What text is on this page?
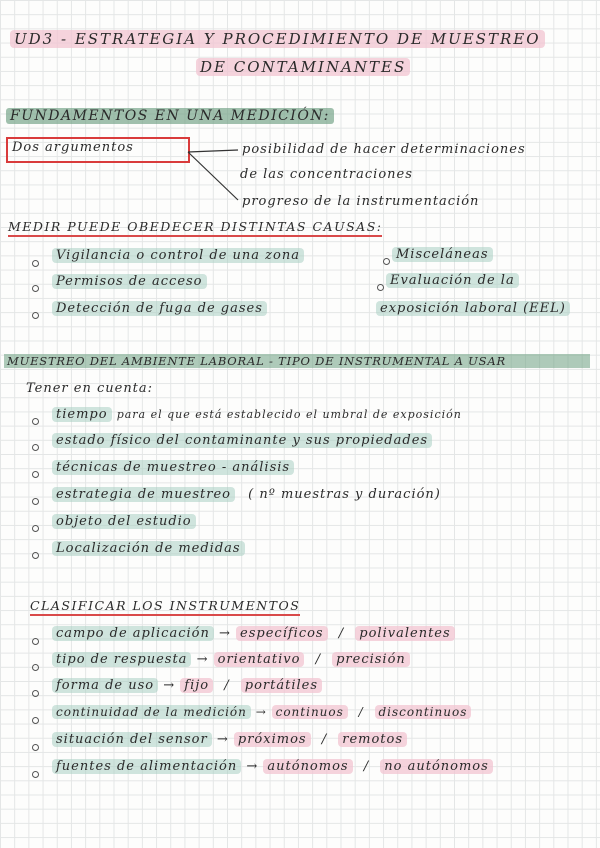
UD3 - ESTRATEGIA Y PROCEDIMIENTO DE MUESTREO
DE CONTAMINANTES
FUNDAMENTOS EN UNA MEDICIÓN:
Dos argumentos	posibilidad de hacer determinaciones
de las concentraciones
progreso de la instrumentación
MEDIR PUEDE OBEDECER DISTINTAS CAUSAS:
Vigilancia o control de una zona
Permisos de acceso
Detección de fuga de gases
Misceláneas
Evaluación de la
exposición laboral (EEL)
MUESTREO DEL AMBIENTE LABORAL - TIPO DE INSTRUMENTAL A USAR
Tener en cuenta:
tiempo para el que está establecido el umbral de exposición
estado físico del contaminante y sus propiedades
técnicas de muestreo - análisis
estrategia de muestreo ( nº muestras y duración)
objeto del estudio
Localización de medidas
CLASIFICAR LOS INSTRUMENTOS
campo de aplicación → específicos / polivalentes
tipo de respuesta → orientativo / precisión
forma de uso → fijo / portátiles
continuidad de la medición → continuos / discontinuos
situación del sensor → próximos / remotos
fuentes de alimentación → autónomos / no autónomos
